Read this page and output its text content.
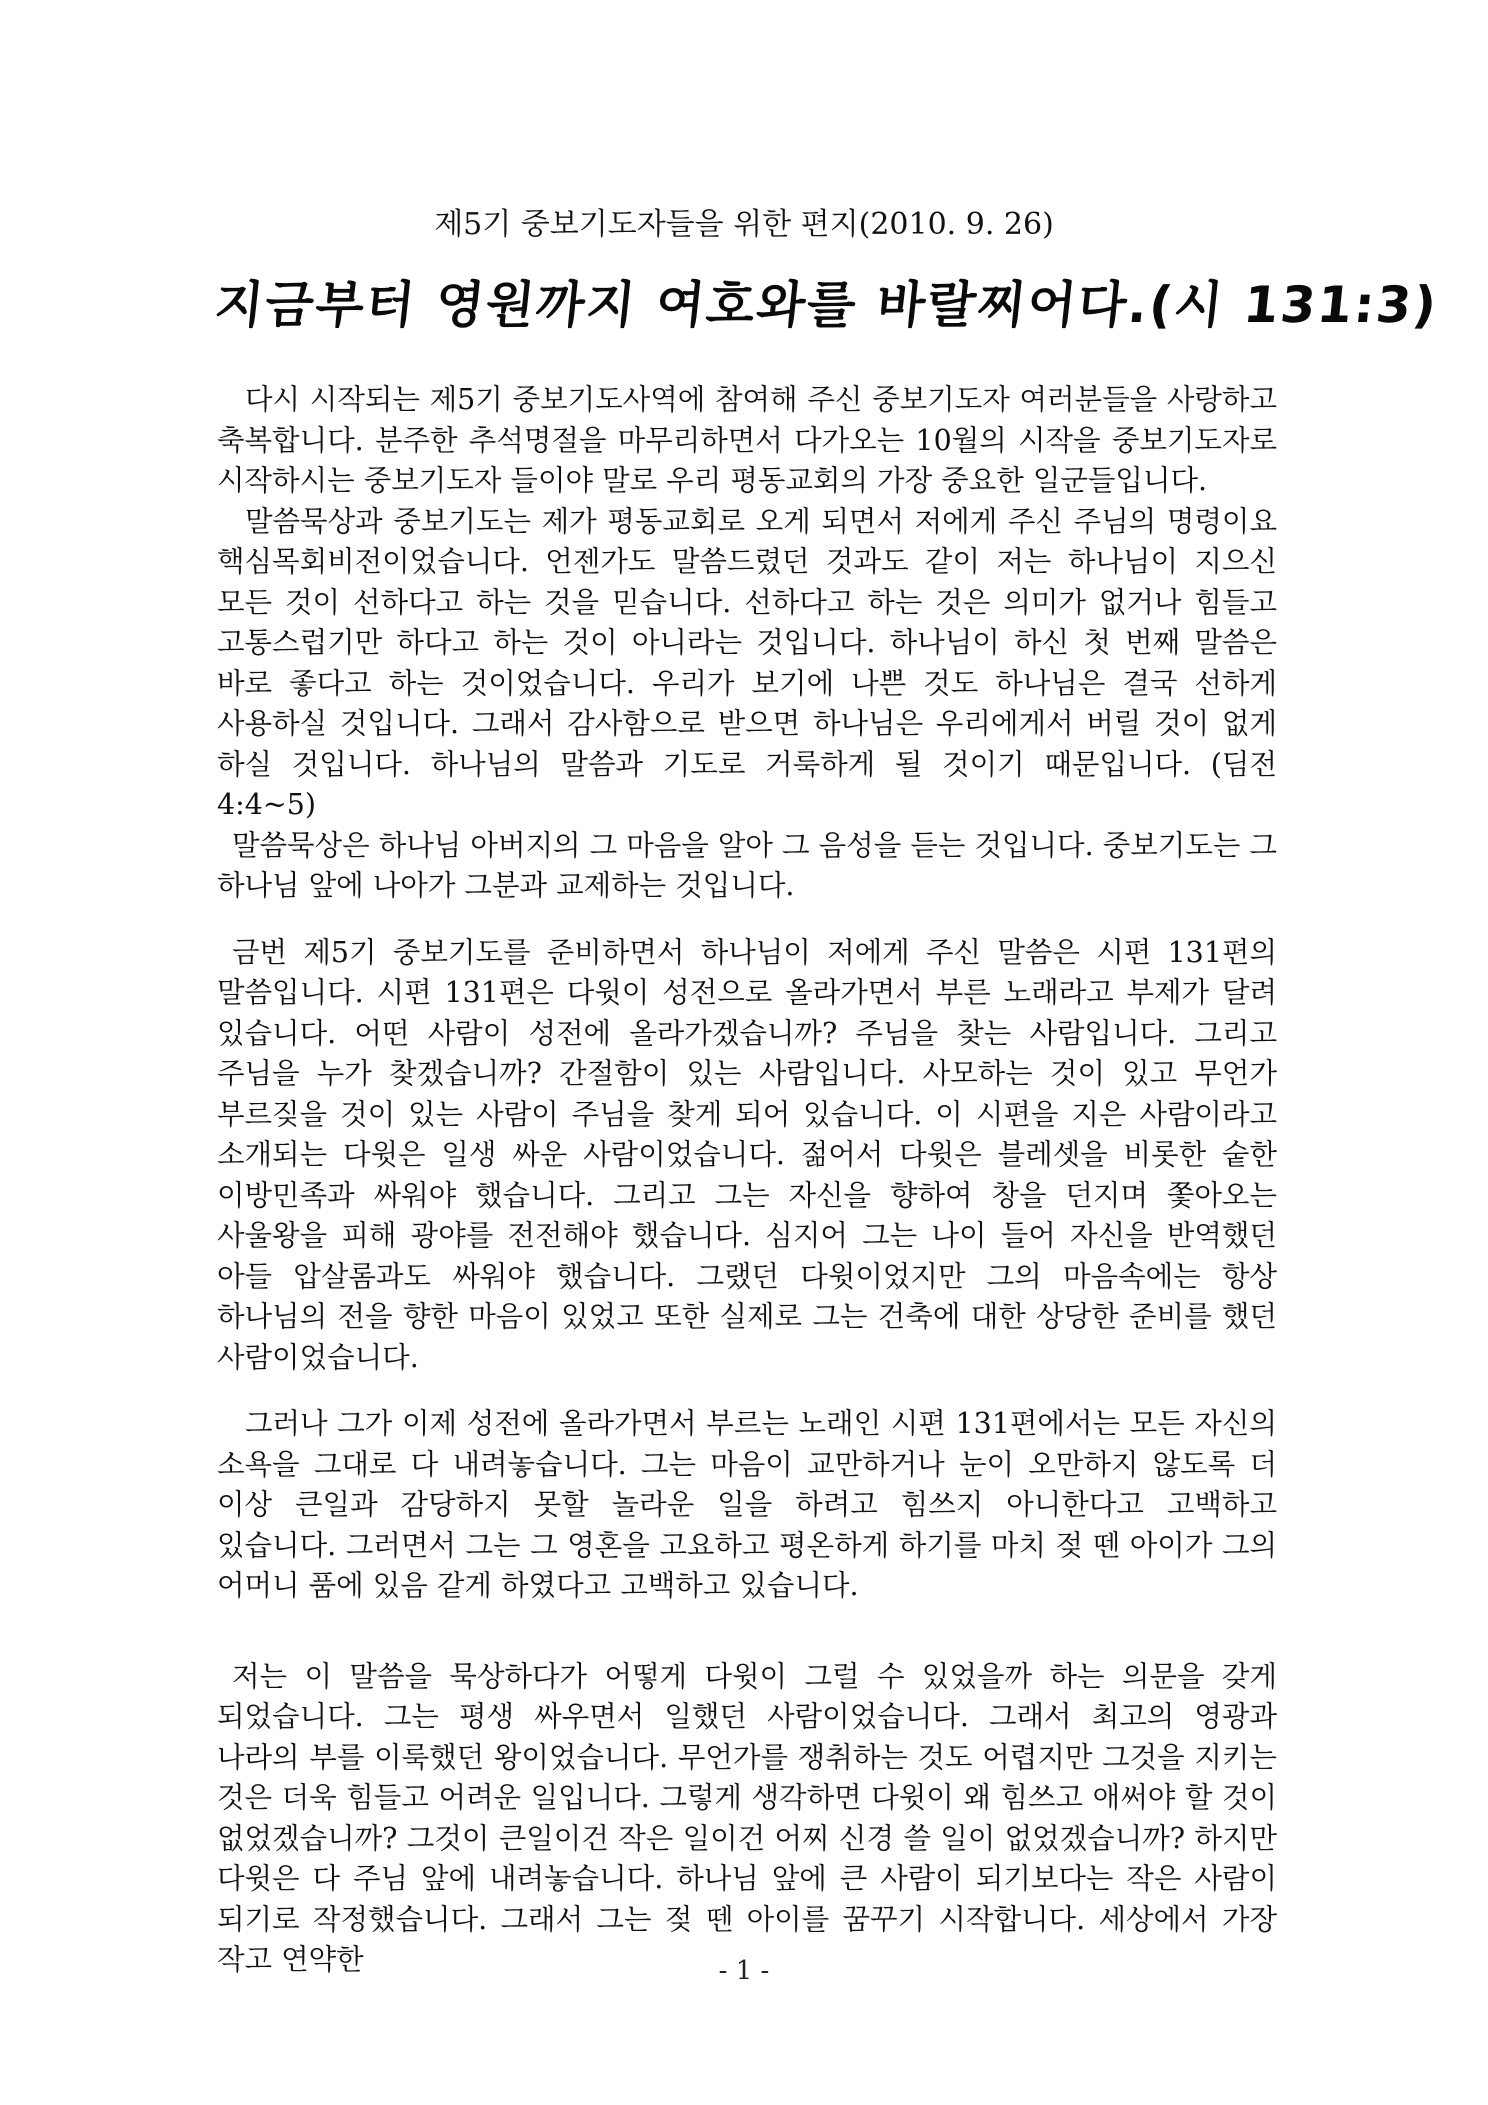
제5기 중보기도자들을 위한 편지(2010. 9. 26)
지금부터 영원까지 여호와를 바랄찌어다.(시 131:3)

다시 시작되는 제5기 중보기도사역에 참여해 주신 중보기도자 여러분들을 사랑하고 축복합니다. 분주한 추석명절을 마무리하면서 다가오는 10월의 시작을 중보기도자로 시작하시는 중보기도자 들이야 말로 우리 평동교회의 가장 중요한 일군들입니다.

말씀묵상과 중보기도는 제가 평동교회로 오게 되면서 저에게 주신 주님의 명령이요 핵심목회비전이었습니다. 언젠가도 말씀드렸던 것과도 같이 저는 하나님이 지으신 모든 것이 선하다고 하는 것을 믿습니다. 선하다고 하는 것은 의미가 없거나 힘들고 고통스럽기만 하다고 하는 것이 아니라는 것입니다. 하나님이 하신 첫 번째 말씀은 바로 좋다고 하는 것이었습니다. 우리가 보기에 나쁜 것도 하나님은 결국 선하게 사용하실 것입니다. 그래서 감사함으로 받으면 하나님은 우리에게서 버릴 것이 없게 하실 것입니다. 하나님의 말씀과 기도로 거룩하게 될 것이기 때문입니다. (딤전 4:4~5)

말씀묵상은 하나님 아버지의 그 마음을 알아 그 음성을 듣는 것입니다. 중보기도는 그 하나님 앞에 나아가 그분과 교제하는 것입니다.

금번 제5기 중보기도를 준비하면서 하나님이 저에게 주신 말씀은 시편 131편의 말씀입니다. 시편 131편은 다윗이 성전으로 올라가면서 부른 노래라고 부제가 달려 있습니다. 어떤 사람이 성전에 올라가겠습니까? 주님을 찾는 사람입니다. 그리고 주님을 누가 찾겠습니까? 간절함이 있는 사람입니다. 사모하는 것이 있고 무언가 부르짖을 것이 있는 사람이 주님을 찾게 되어 있습니다. 이 시편을 지은 사람이라고 소개되는 다윗은 일생 싸운 사람이었습니다. 젊어서 다윗은 블레셋을 비롯한 숱한 이방민족과 싸워야 했습니다. 그리고 그는 자신을 향하여 창을 던지며 쫓아오는 사울왕을 피해 광야를 전전해야 했습니다. 심지어 그는 나이 들어 자신을 반역했던 아들 압살롬과도 싸워야 했습니다. 그랬던 다윗이었지만 그의 마음속에는 항상 하나님의 전을 향한 마음이 있었고 또한 실제로 그는 건축에 대한 상당한 준비를 했던 사람이었습니다.

그러나 그가 이제 성전에 올라가면서 부르는 노래인 시편 131편에서는 모든 자신의 소욕을 그대로 다 내려놓습니다. 그는 마음이 교만하거나 눈이 오만하지 않도록 더 이상 큰일과 감당하지 못할 놀라운 일을 하려고 힘쓰지 아니한다고 고백하고 있습니다. 그러면서 그는 그 영혼을 고요하고 평온하게 하기를 마치 젖 뗀 아이가 그의 어머니 품에 있음 같게 하였다고 고백하고 있습니다.

저는 이 말씀을 묵상하다가 어떻게 다윗이 그럴 수 있었을까 하는 의문을 갖게 되었습니다. 그는 평생 싸우면서 일했던 사람이었습니다. 그래서 최고의 영광과 나라의 부를 이룩했던 왕이었습니다. 무언가를 쟁취하는 것도 어렵지만 그것을 지키는 것은 더욱 힘들고 어려운 일입니다. 그렇게 생각하면 다윗이 왜 힘쓰고 애써야 할 것이 없었겠습니까? 그것이 큰일이건 작은 일이건 어찌 신경 쓸 일이 없었겠습니까? 하지만 다윗은 다 주님 앞에 내려놓습니다. 하나님 앞에 큰 사람이 되기보다는 작은 사람이 되기로 작정했습니다. 그래서 그는 젖 뗀 아이를 꿈꾸기 시작합니다. 세상에서 가장 작고 연약한	- 1 -
